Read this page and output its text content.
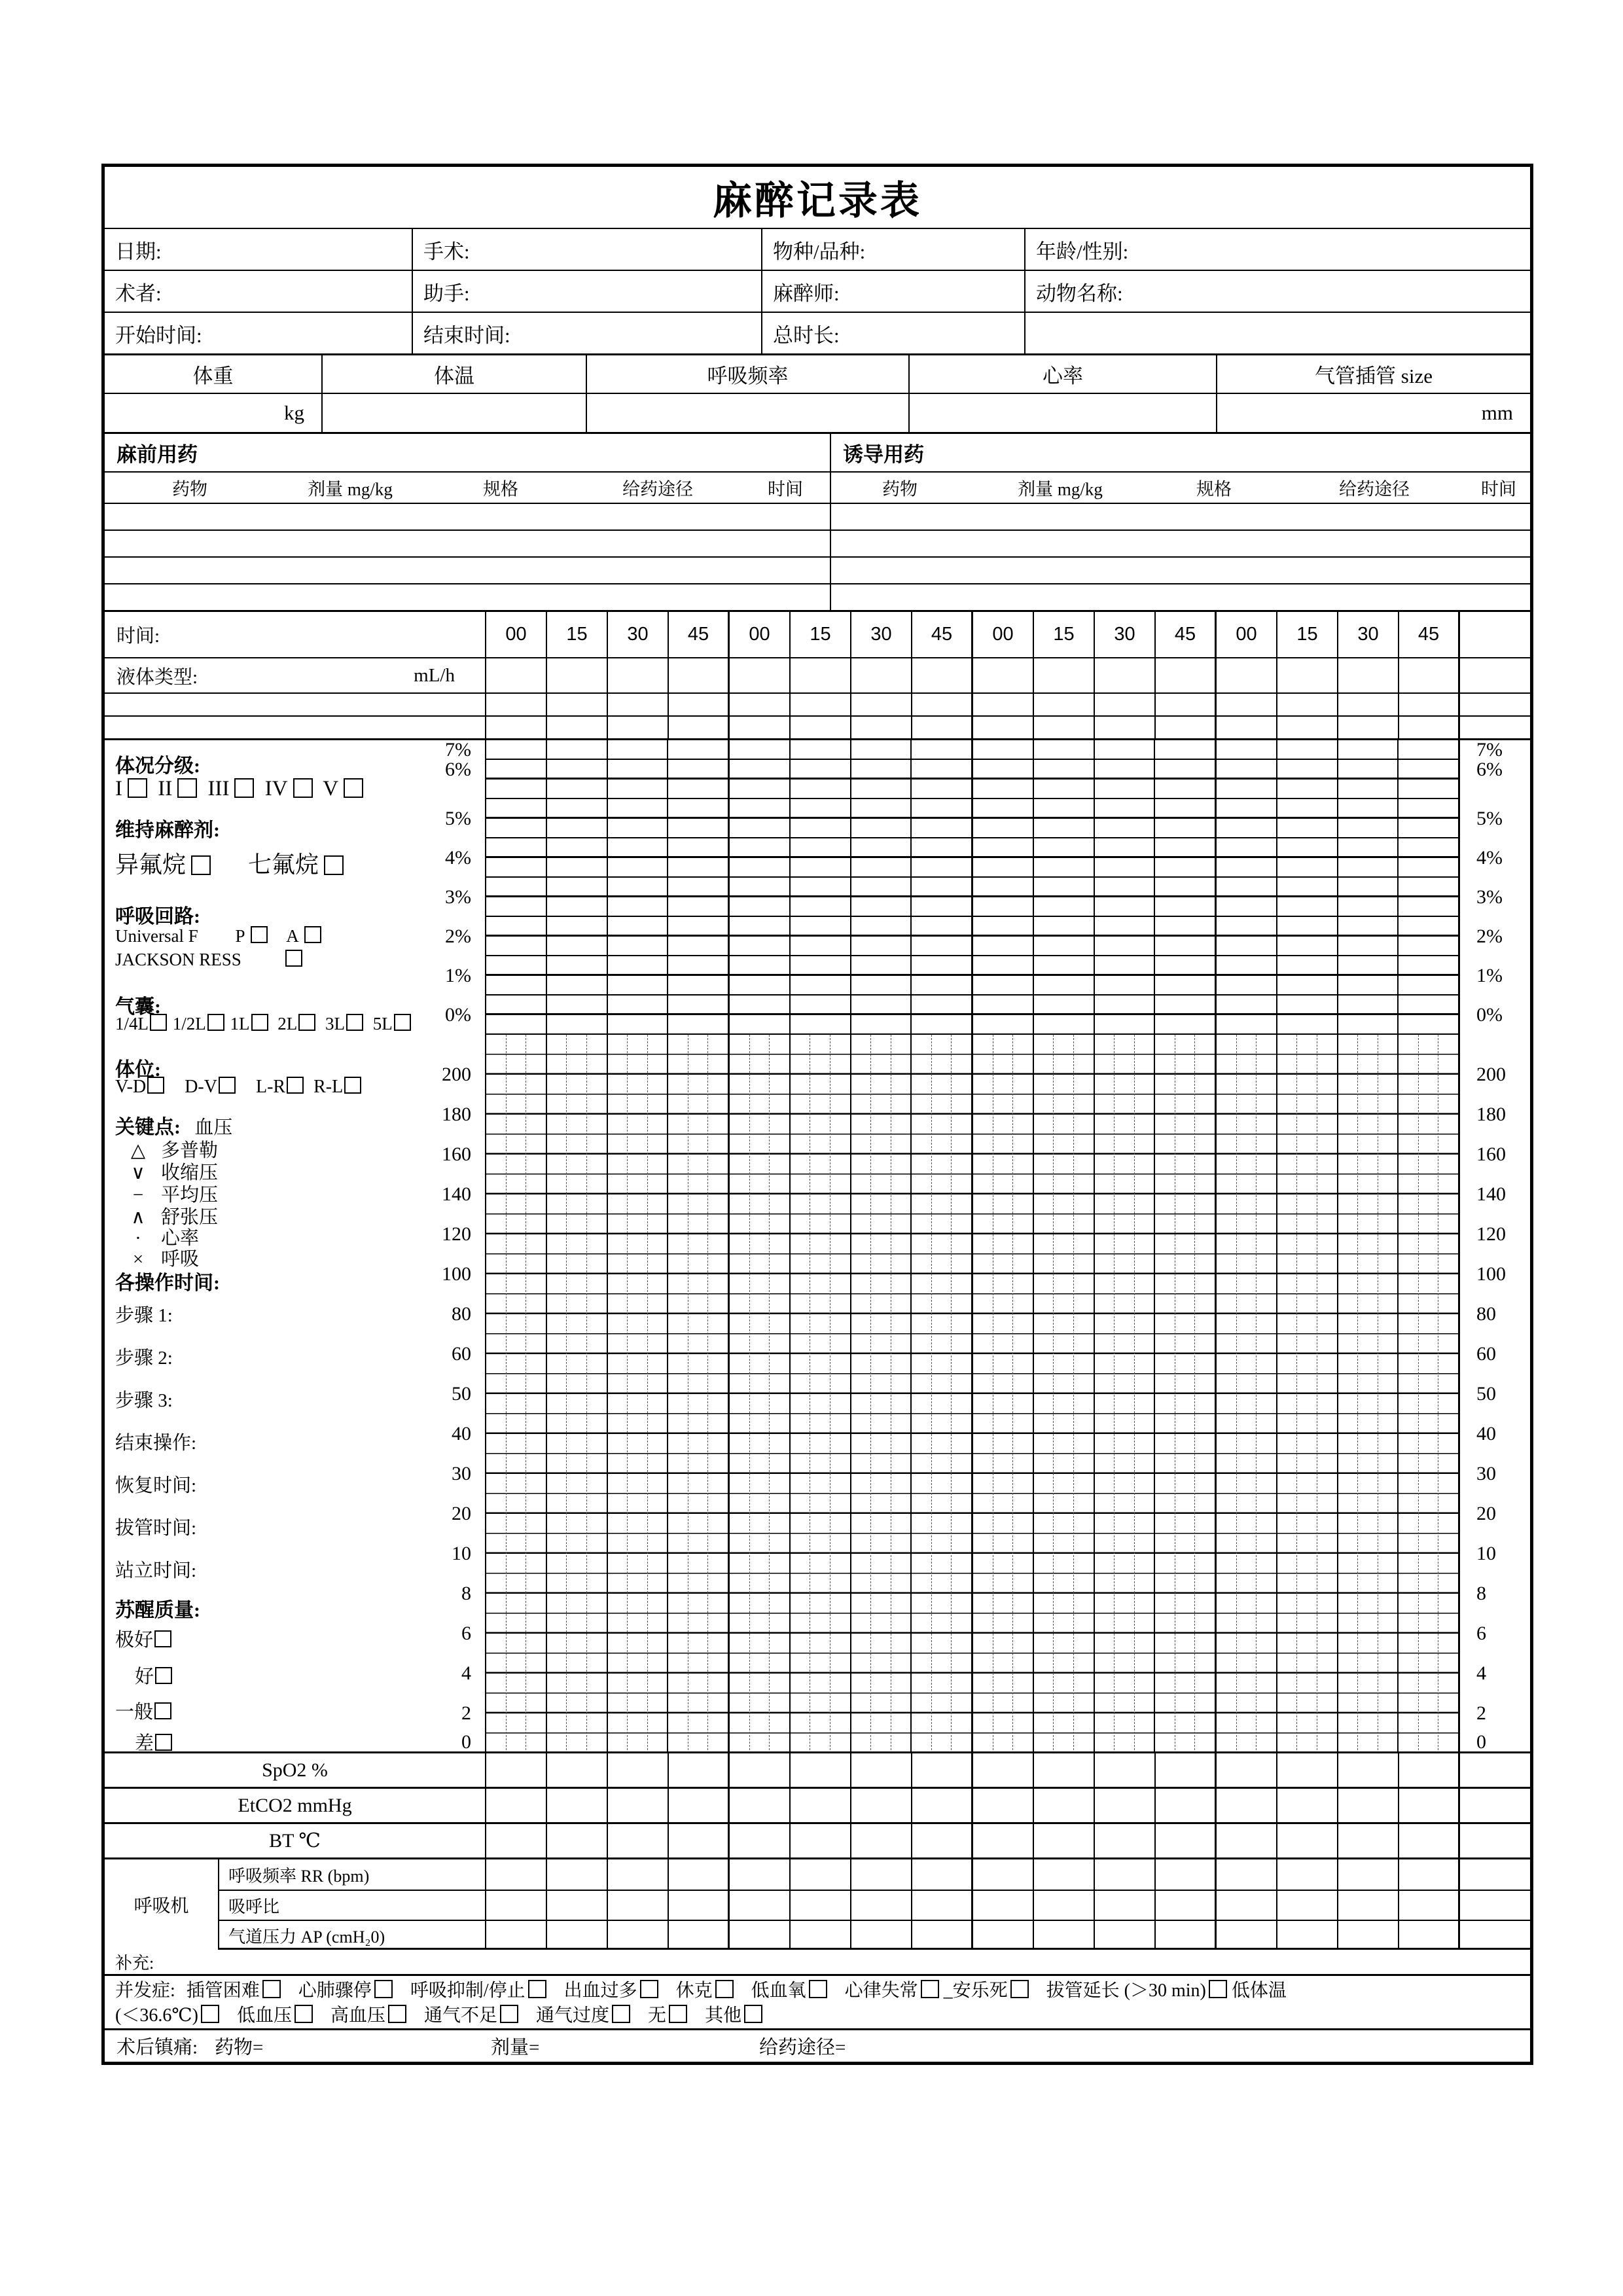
麻醉记录表
日期:	手术:	物种/品种:	年龄/性别:
术者:	助手:	麻醉师:	动物名称:
开始时间:	结束时间:	总时长:
体重	体温	呼吸频率	心率	气管插管 size
kg	mm
麻前用药	诱导用药
药物	剂量 mg/kg	规格	给药途径	时间	药物	剂量 mg/kg	规格	给药途径	时间
时间:	00	15	30	45	00	15	30	45	00	15	30	45	00	15	30	45
液体类型:	mL/h
体况分级:
I II III IV V
维持麻醉剂:
异氟烷	七氟烷
呼吸回路:
Universal F P A
JACKSON RESS
气囊:
1/4L 1/2L 1L 2L 3L 5L
体位:
V-D D-V L-R R-L
关键点: 血压
△ 多普勒
∨ 收缩压
− 平均压
∧ 舒张压
· 心率
× 呼吸
各操作时间:
步骤 1:
步骤 2:
步骤 3:
结束操作:
恢复时间:
拔管时间:
站立时间:
苏醒质量:
极好
好
一般
差
7%	7%
6%	6%
5%	5%
4%	4%
3%	3%
2%	2%
1%	1%
0%	0%
200	200
180	180
160	160
140	140
120	120
100	100
80	80
60	60
50	50
40	40
30	30
20	20
10	10
8	8
6	6
4	4
2	2
0	0
SpO2 %
EtCO2 mmHg
BT ℃
呼吸机
呼吸频率 RR (bpm)
吸呼比
气道压力 AP (cmH₂0)
补充:
并发症: 插管困难 心肺骤停 呼吸抑制/停止 出血过多 休克 低血氧 心律失常 _安乐死 拔管延长 (＞30 min) 低体温
(＜36.6℃) 低血压 高血压 通气不足 通气过度 无 其他
术后镇痛: 药物=	剂量=	给药途径=
